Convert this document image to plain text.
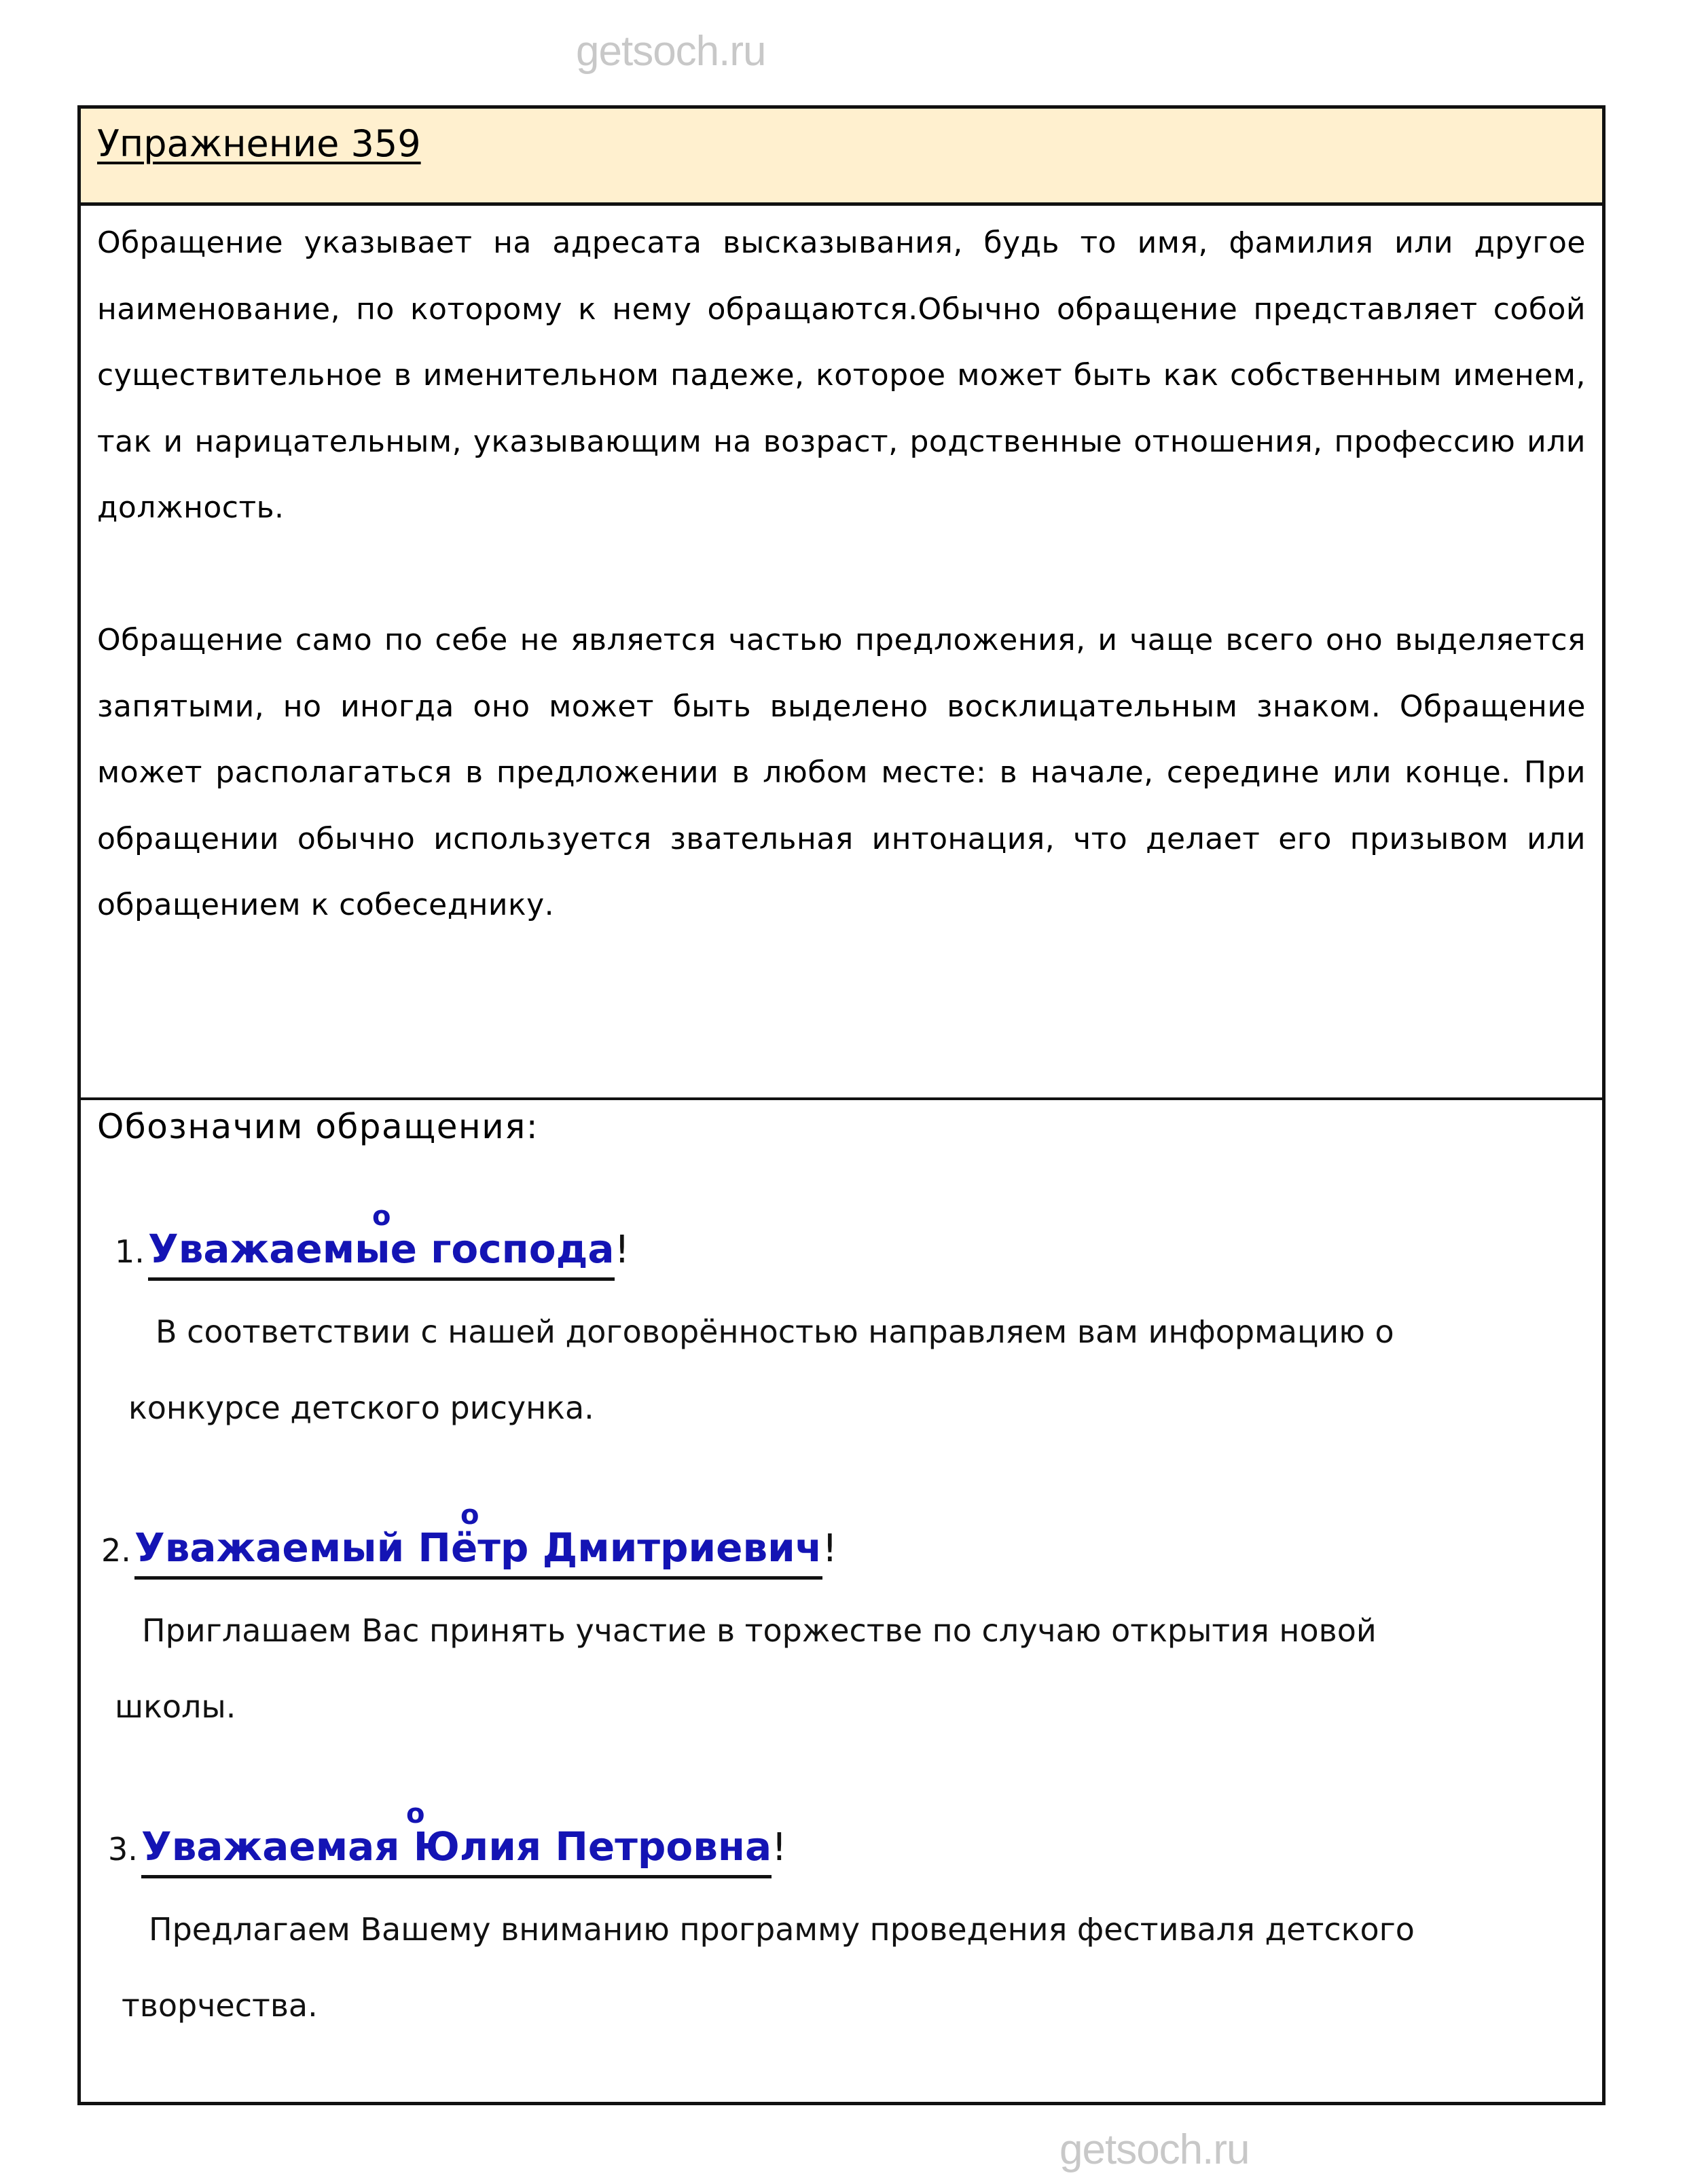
getsoch.ru
Упражнение 359
Обращение указывает на адресата высказывания, будь то имя, фамилия или другое наименование, по которому к нему обращаются.Обычно обращение представляет собой существительное в именительном падеже, которое может быть как собственным именем, так и нарицательным, указывающим на возраст, родственные отношения, профессию или должность.
Обращение само по себе не является частью предложения, и чаще всего оно выделяется запятыми, но иногда оно может быть выделено восклицательным знаком. Обращение может располагаться в предложении в любом месте: в начале, середине или конце. При обращении обычно используется звательная интонация, что делает его призывом или обращением к собеседнику.
Обозначим обращения:
1.
о
Уважаемые господа!
В соответствии с нашей договорённостью направляем вам информацию о
конкурсе детского рисунка.
2.
о
Уважаемый Пётр Дмитриевич!
Приглашаем Вас принять участие в торжестве по случаю открытия новой
школы.
3.
о
Уважаемая Юлия Петровна!
Предлагаем Вашему вниманию программу проведения фестиваля детского
творчества.
getsoch.ru
